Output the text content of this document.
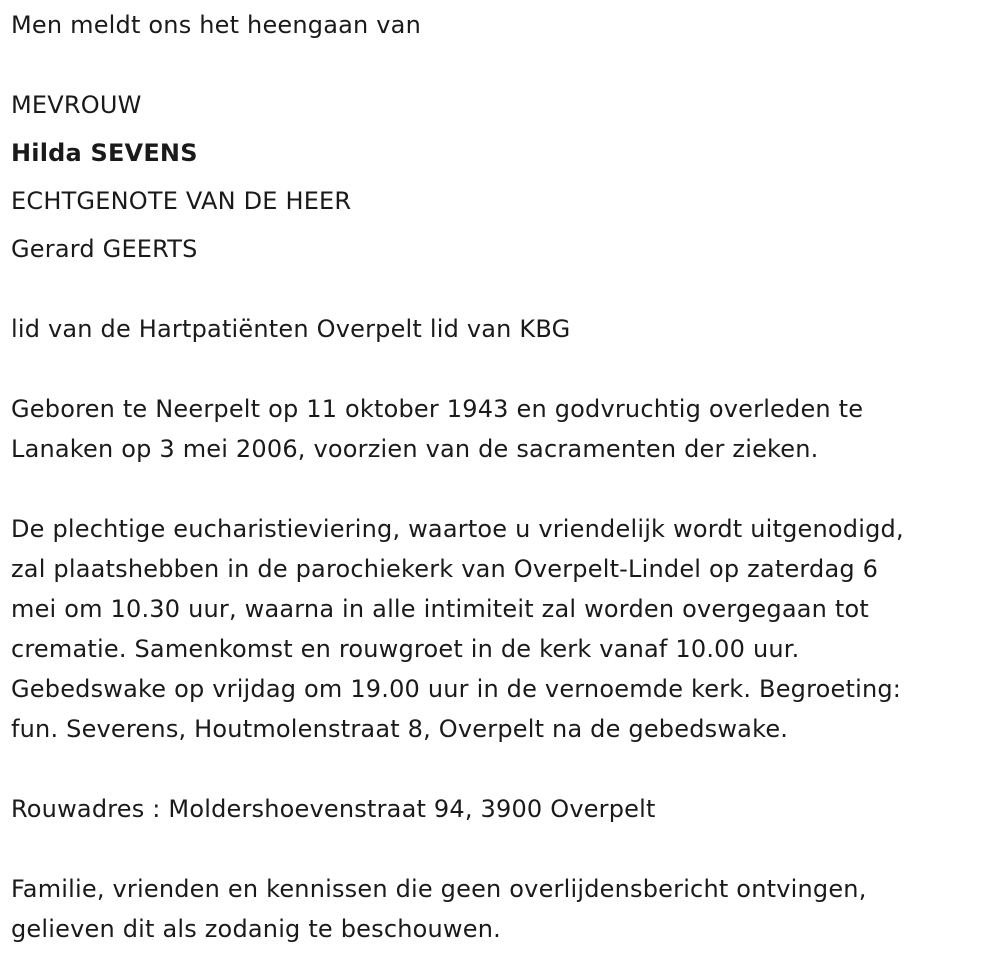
Men meldt ons het heengaan van
MEVROUW
Hilda SEVENS
ECHTGENOTE VAN DE HEER
Gerard GEERTS
lid van de Hartpatiënten Overpelt lid van KBG
Geboren te Neerpelt op 11 oktober 1943 en godvruchtig overleden te
Lanaken op 3 mei 2006, voorzien van de sacramenten der zieken.
De plechtige eucharistieviering, waartoe u vriendelijk wordt uitgenodigd,
zal plaatshebben in de parochiekerk van Overpelt-Lindel op zaterdag 6
mei om 10.30 uur, waarna in alle intimiteit zal worden overgegaan tot
crematie. Samenkomst en rouwgroet in de kerk vanaf 10.00 uur.
Gebedswake op vrijdag om 19.00 uur in de vernoemde kerk. Begroeting:
fun. Severens, Houtmolenstraat 8, Overpelt na de gebedswake.
Rouwadres : Moldershoevenstraat 94, 3900 Overpelt
Familie, vrienden en kennissen die geen overlijdensbericht ontvingen,
gelieven dit als zodanig te beschouwen.
